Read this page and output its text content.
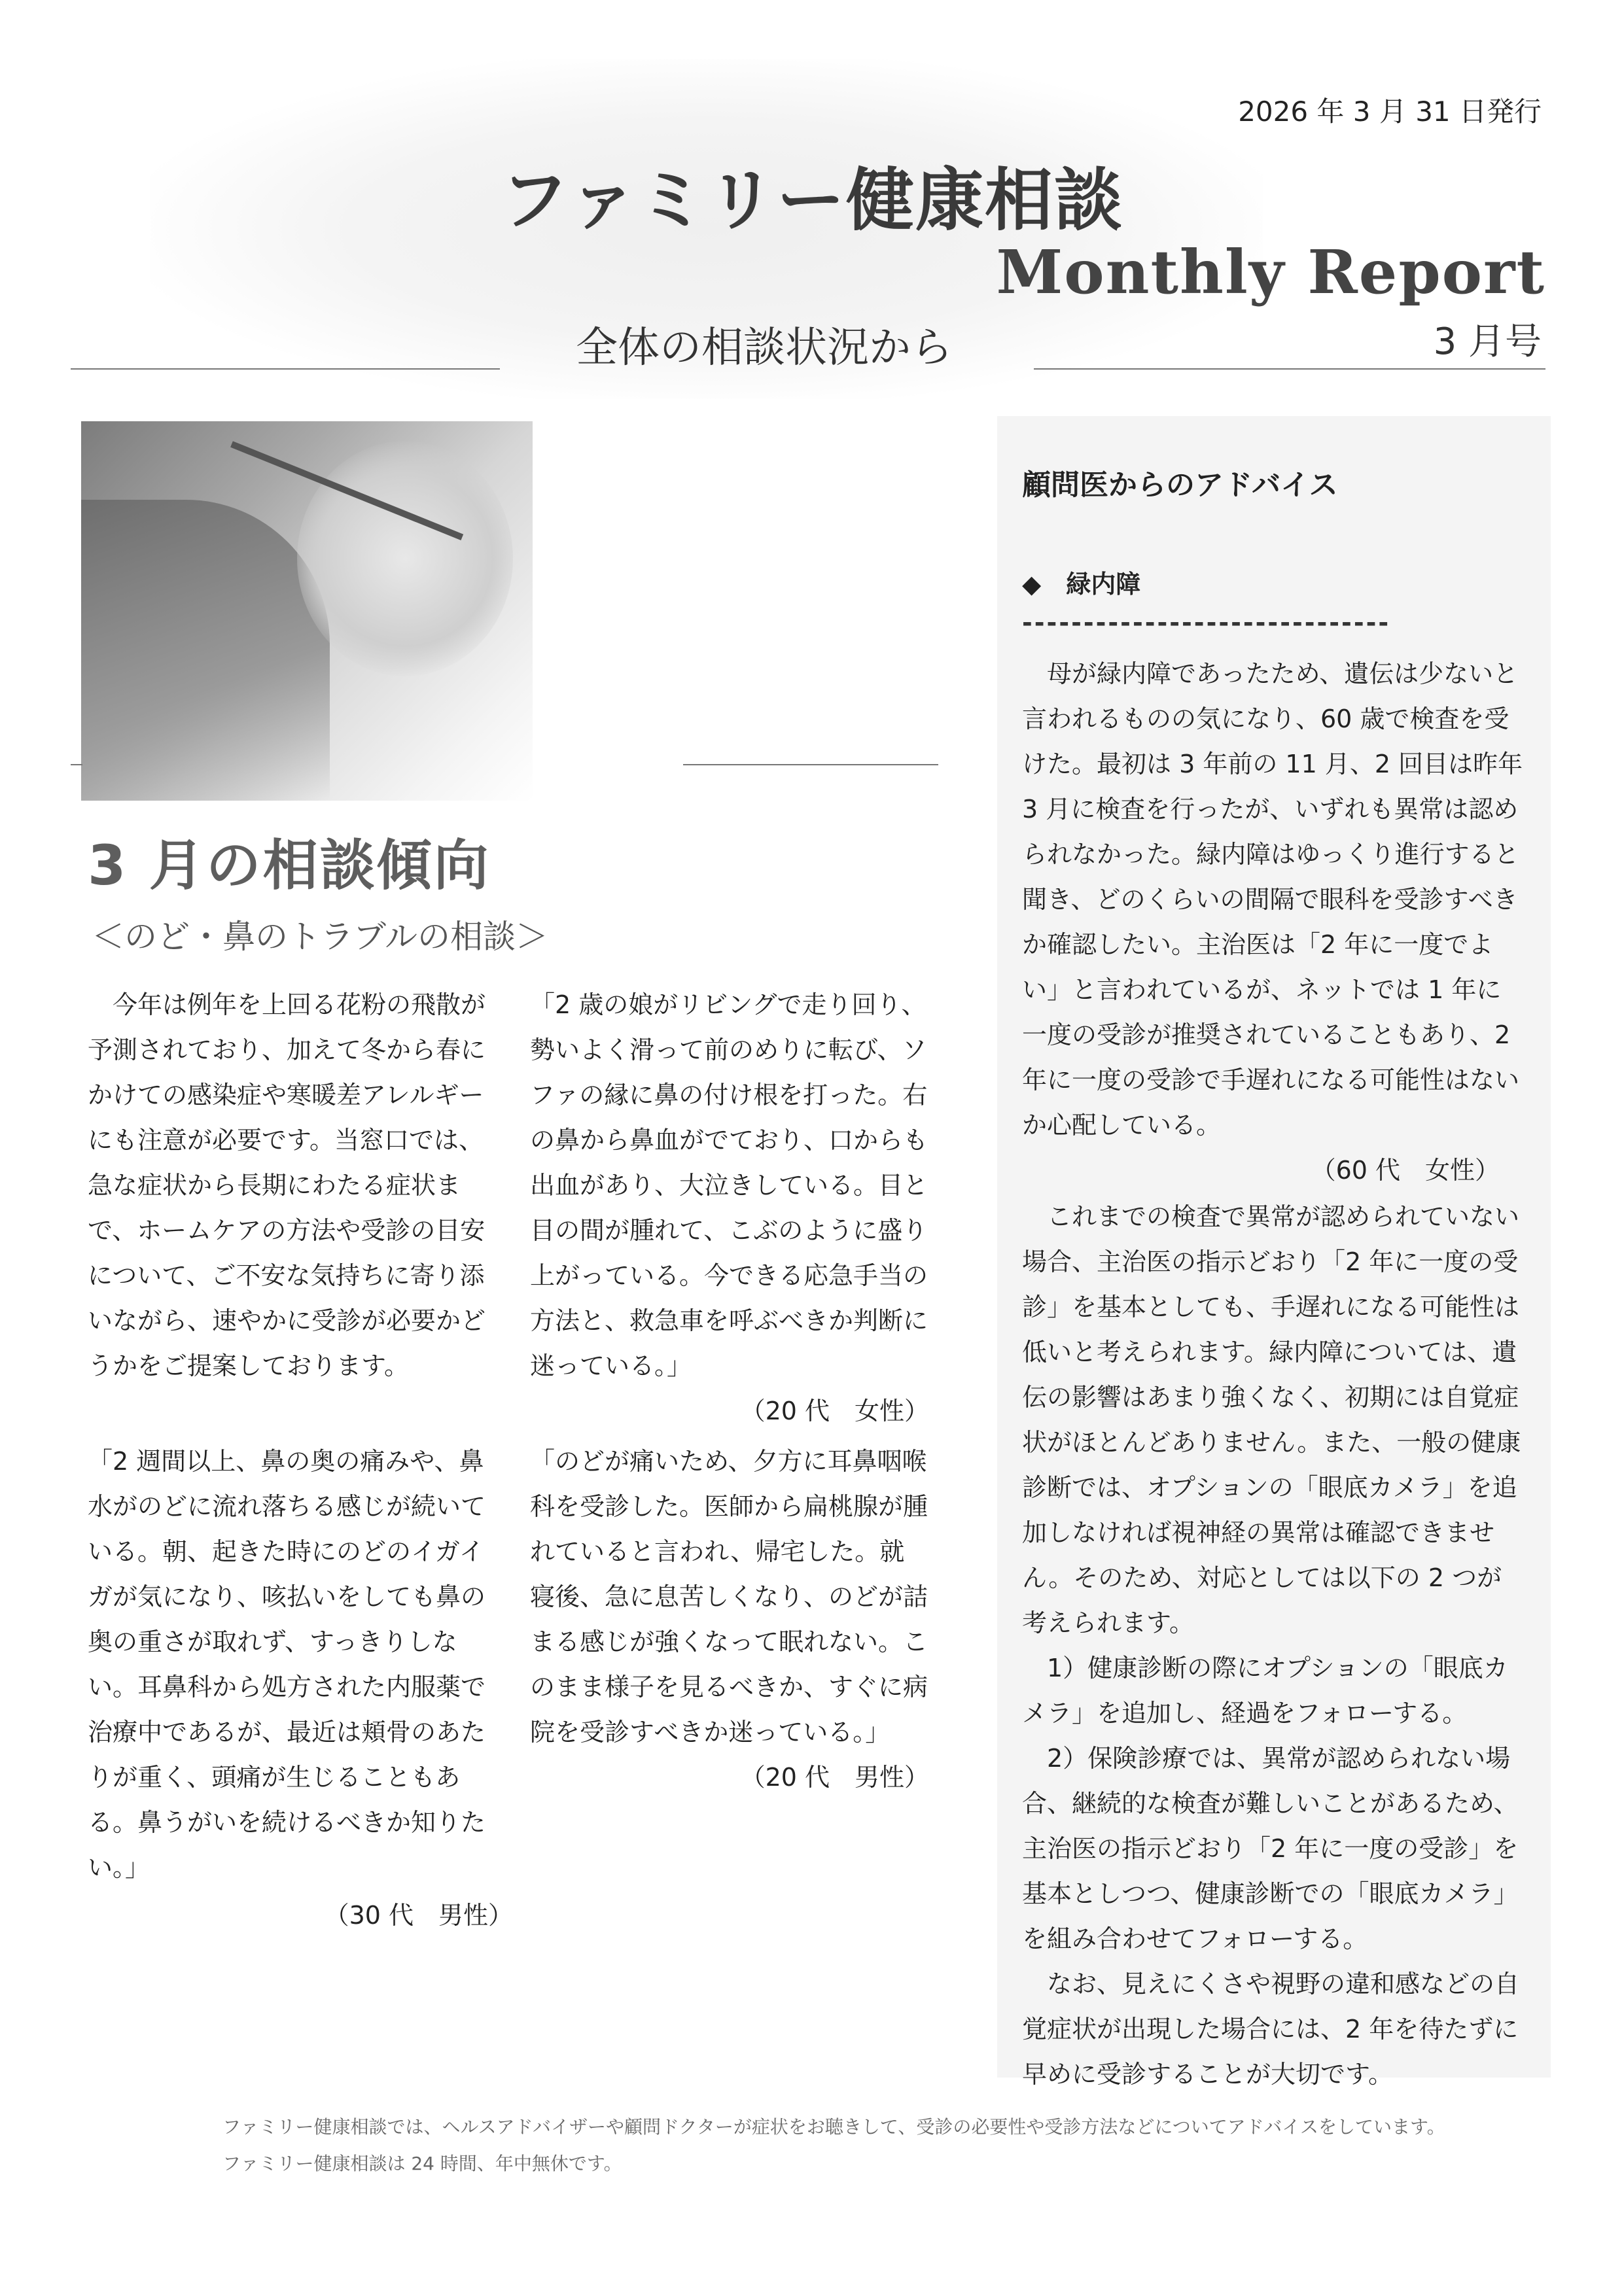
2026 年 3 月 31 日発行
ファミリー健康相談
Monthly Report
全体の相談状況から	3 月号
3 月の相談傾向
＜のど・鼻のトラブルの相談＞

　今年は例年を上回る花粉の飛散が予測されており、加えて冬から春にかけての感染症や寒暖差アレルギーにも注意が必要です。当窓口では、急な症状から長期にわたる症状まで、ホームケアの方法や受診の目安について、ご不安な気持ちに寄り添いながら、速やかに受診が必要かどうかをご提案しております。

「2 週間以上、鼻の奥の痛みや、鼻水がのどに流れ落ちる感じが続いている。朝、起きた時にのどのイガイガが気になり、咳払いをしても鼻の奥の重さが取れず、すっきりしない。耳鼻科から処方された内服薬で治療中であるが、最近は頬骨のあたりが重く、頭痛が生じることもある。鼻うがいを続けるべきか知りたい。」

（30 代　男性）

「2 歳の娘がリビングで走り回り、勢いよく滑って前のめりに転び、ソファの縁に鼻の付け根を打った。右の鼻から鼻血がでており、口からも出血があり、大泣きしている。目と目の間が腫れて、こぶのように盛り上がっている。今できる応急手当の方法と、救急車を呼ぶべきか判断に迷っている。」

（20 代　女性）

「のどが痛いため、夕方に耳鼻咽喉科を受診した。医師から扁桃腺が腫れていると言われ、帰宅した。就寝後、急に息苦しくなり、のどが詰まる感じが強くなって眠れない。このまま様子を見るべきか、すぐに病院を受診すべきか迷っている。」

（20 代　男性）

顧問医からのアドバイス
◆　緑内障
------------------------------

　母が緑内障であったため、遺伝は少ないと言われるものの気になり、60 歳で検査を受けた。最初は 3 年前の 11 月、2 回目は昨年 3 月に検査を行ったが、いずれも異常は認められなかった。緑内障はゆっくり進行すると聞き、どのくらいの間隔で眼科を受診すべきか確認したい。主治医は「2 年に一度でよい」と言われているが、ネットでは 1 年に一度の受診が推奨されていることもあり、2 年に一度の受診で手遅れになる可能性はないか心配している。

（60 代　女性）

　これまでの検査で異常が認められていない場合、主治医の指示どおり「2 年に一度の受診」を基本としても、手遅れになる可能性は低いと考えられます。緑内障については、遺伝の影響はあまり強くなく、初期には自覚症状がほとんどありません。また、一般の健康診断では、オプションの「眼底カメラ」を追加しなければ視神経の異常は確認できません。そのため、対応としては以下の 2 つが考えられます。

　1）健康診断の際にオプションの「眼底カメラ」を追加し、経過をフォローする。

　2）保険診療では、異常が認められない場合、継続的な検査が難しいことがあるため、主治医の指示どおり「2 年に一度の受診」を基本としつつ、健康診断での「眼底カメラ」を組み合わせてフォローする。

　なお、見えにくさや視野の違和感などの自覚症状が出現した場合には、2 年を待たずに早めに受診することが大切です。

ファミリー健康相談では、ヘルスアドバイザーや顧問ドクターが症状をお聴きして、受診の必要性や受診方法などについてアドバイスをしています。
ファミリー健康相談は 24 時間、年中無休です。
